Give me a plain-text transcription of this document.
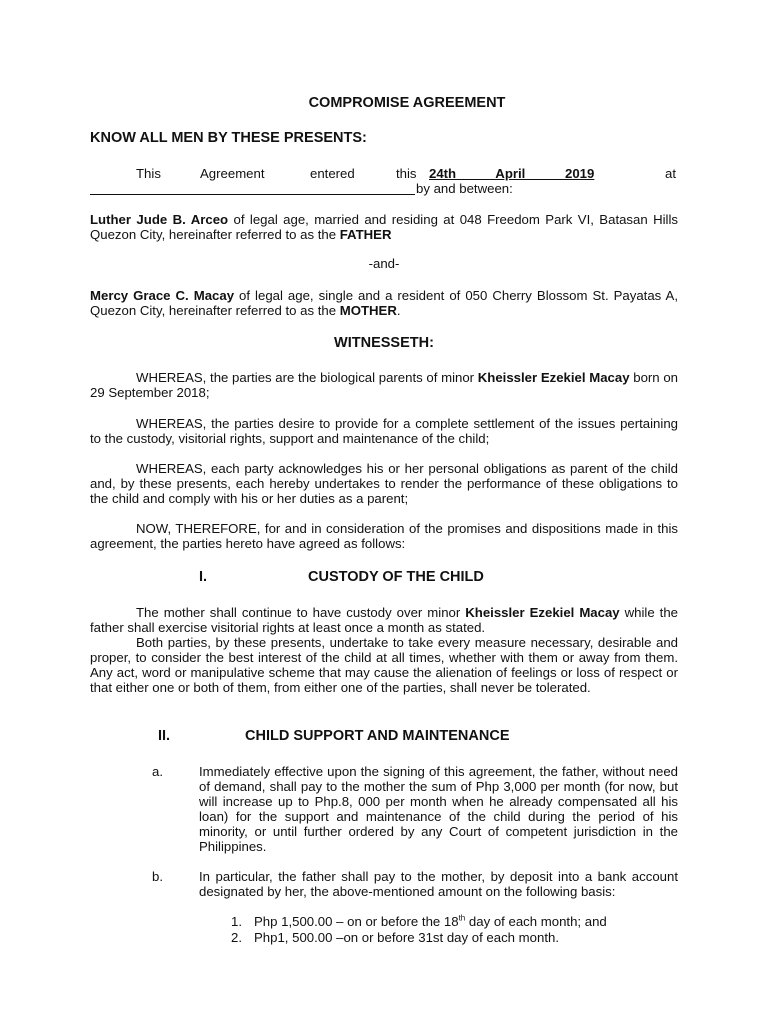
COMPROMISE AGREEMENT
KNOW ALL MEN BY THESE PRESENTS:
This	Agreement	entered	this 24th April 2019	at
by and between:

Luther Jude B. Arceo of legal age, married and residing at 048 Freedom Park VI, Batasan Hills Quezon City, hereinafter referred to as the FATHER

-and-

Mercy Grace C. Macay of legal age, single and a resident of 050 Cherry Blossom St. Payatas A, Quezon City, hereinafter referred to as the MOTHER.

WITNESSETH:

WHEREAS, the parties are the biological parents of minor Kheissler Ezekiel Macay born on 29 September 2018;

WHEREAS, the parties desire to provide for a complete settlement of the issues pertaining to the custody, visitorial rights, support and maintenance of the child;

WHEREAS, each party acknowledges his or her personal obligations as parent of the child and, by these presents, each hereby undertakes to render the performance of these obligations to the child and comply with his or her duties as a parent;

NOW, THEREFORE, for and in consideration of the promises and dispositions made in this agreement, the parties hereto have agreed as follows:

I.	CUSTODY OF THE CHILD

The mother shall continue to have custody over minor Kheissler Ezekiel Macay while the father shall exercise visitorial rights at least once a month as stated.

Both parties, by these presents, undertake to take every measure necessary, desirable and proper, to consider the best interest of the child at all times, whether with them or away from them. Any act, word or manipulative scheme that may cause the alienation of feelings or loss of respect or that either one or both of them, from either one of the parties, shall never be tolerated.

II.	CHILD SUPPORT AND MAINTENANCE
a.	Immediately effective upon the signing of this agreement, the father, without need of demand, shall pay to the mother the sum of Php 3,000 per month (for now, but will increase up to Php.8, 000 per month when he already compensated all his loan) for the support and maintenance of the child during the period of his minority, or until further ordered by any Court of competent jurisdiction in the Philippines.

b.	In particular, the father shall pay to the mother, by deposit into a bank account designated by her, the above-mentioned amount on the following basis:

1. Php 1,500.00 – on or before the 18th day of each month; and
2. Php1, 500.00 –on or before 31st day of each month.
